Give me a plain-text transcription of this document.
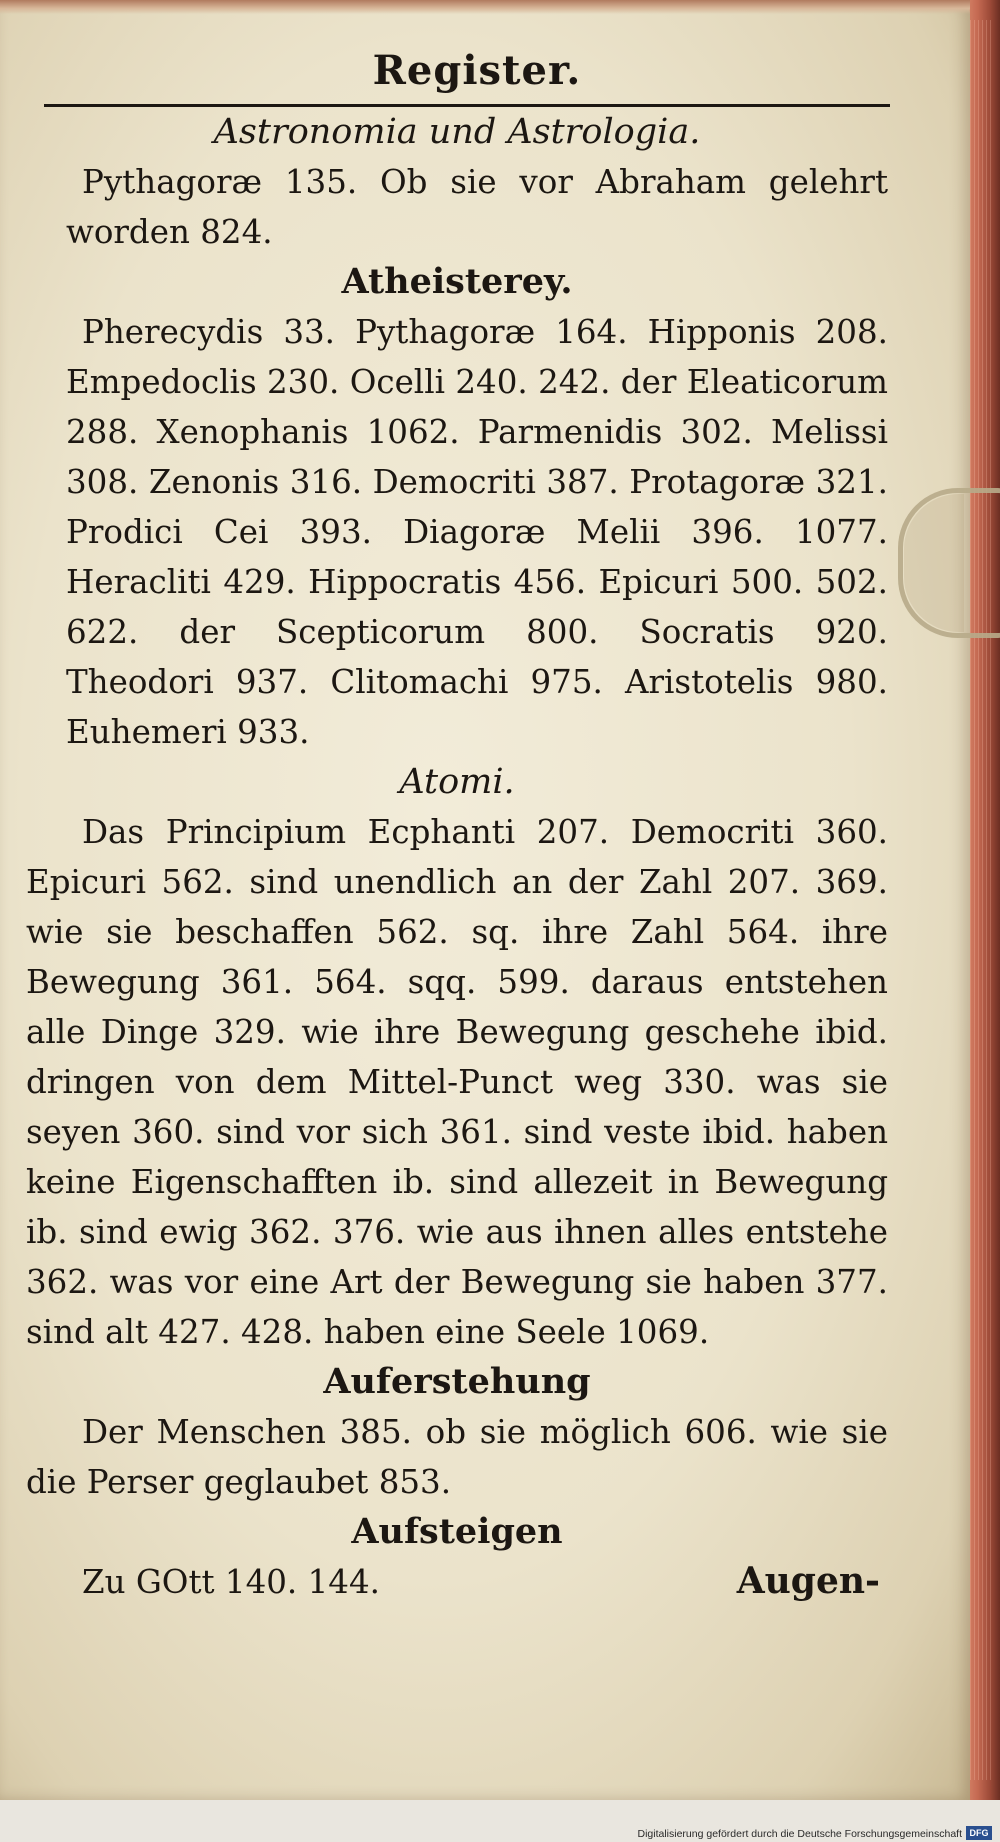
Register.
Astronomia und Astrologia.

Pythagoræ 135. Ob sie vor Abraham gelehrt worden 824.

Atheisterey.

Pherecydis 33. Pythagoræ 164. Hipponis 208. Empedoclis 230. Ocelli 240. 242. der Eleaticorum 288. Xenophanis 1062. Parmenidis 302. Melissi 308. Zenonis 316. Democriti 387. Protagoræ 321. Prodici Cei 393. Diagoræ Melii 396. 1077. Heracliti 429. Hippocratis 456. Epicuri 500. 502. 622. der Scepticorum 800. Socratis 920. Theodori 937. Clitomachi 975. Aristotelis 980. Euhemeri 933.

Atomi.

Das Principium Ecphanti 207. Democriti 360. Epicuri 562. sind unendlich an der Zahl 207. 369. wie sie beschaffen 562. sq. ihre Zahl 564. ihre Bewegung 361. 564. sqq. 599. daraus entstehen alle Dinge 329. wie ihre Bewegung geschehe ibid. dringen von dem Mittel-Punct weg 330. was sie seyen 360. sind vor sich 361. sind veste ibid. haben keine Eigenschafften ib. sind allezeit in Bewegung ib. sind ewig 362. 376. wie aus ihnen alles entstehe 362. was vor eine Art der Bewegung sie haben 377. sind alt 427. 428. haben eine Seele 1069.

Auferstehung

Der Menschen 385. ob sie möglich 606. wie sie die Perser geglaubet 853.

Aufsteigen

Zu GOtt 140. 144.	Augen-
Digitalisierung gefördert durch die Deutsche Forschungsgemeinschaft DFG
